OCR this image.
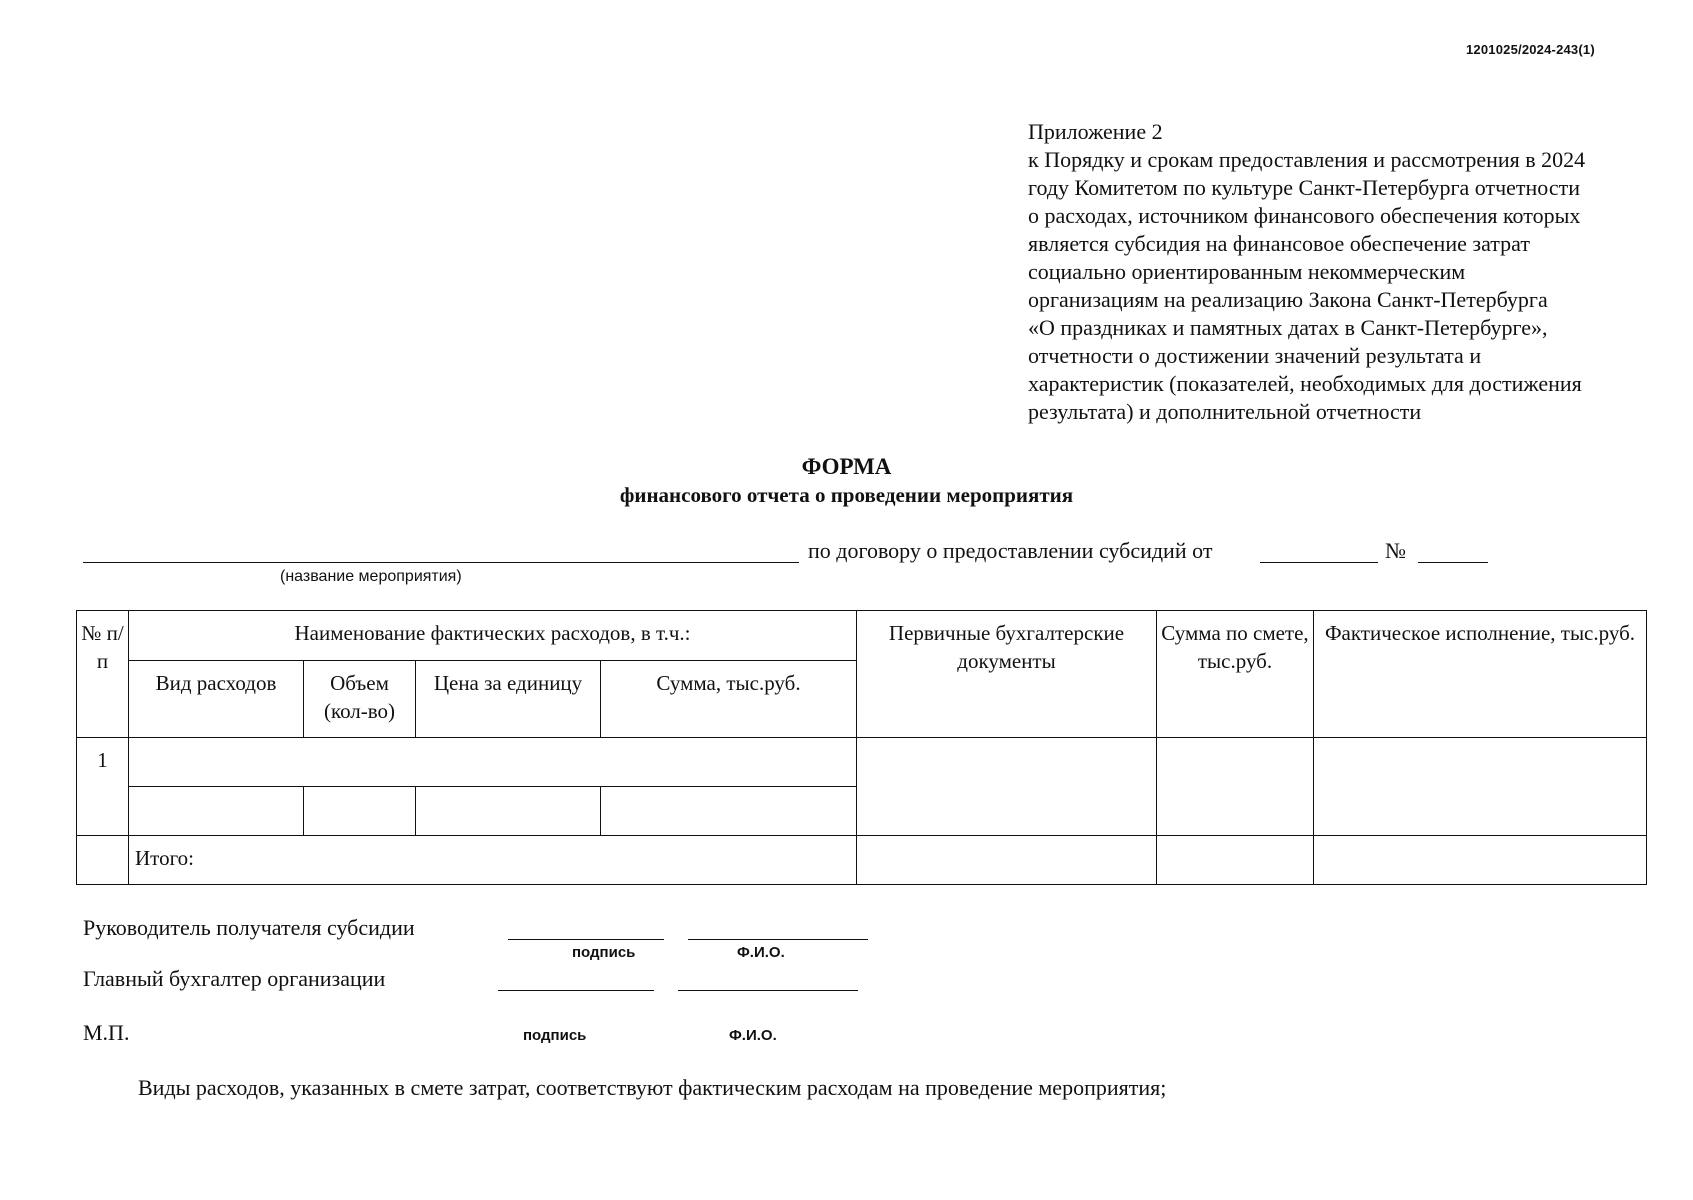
1201025/2024-243(1)
Приложение 2
к Порядку и срокам предоставления и рассмотрения в 2024
году Комитетом по культуре Санкт-Петербурга отчетности
о расходах, источником финансового обеспечения которых
является субсидия на финансовое обеспечение затрат
социально ориентированным некоммерческим
организациям на реализацию Закона Санкт-Петербурга
«О праздниках и памятных датах в Санкт-Петербурге»,
отчетности о достижении значений результата и
характеристик (показателей, необходимых для достижения
результата) и дополнительной отчетности
ФОРМА
финансового отчета о проведении мероприятия
по договору о предоставлении субсидий от	№
(название мероприятия)
№ п/п	Наименование фактических расходов, в т.ч.:				Первичные бухгалтерские документы	Сумма по смете, тыс.руб.	Фактическое исполнение, тыс.руб.
	Вид расходов	Объем (кол-во)	Цена за единицу	Сумма, тыс.руб.			
1							

	Итого:						
Руководитель получателя субсидии
подпись	Ф.И.О.
Главный бухгалтер организации
М.П.	подпись	Ф.И.О.
Виды расходов, указанных в смете затрат, соответствуют фактическим расходам на проведение мероприятия;
